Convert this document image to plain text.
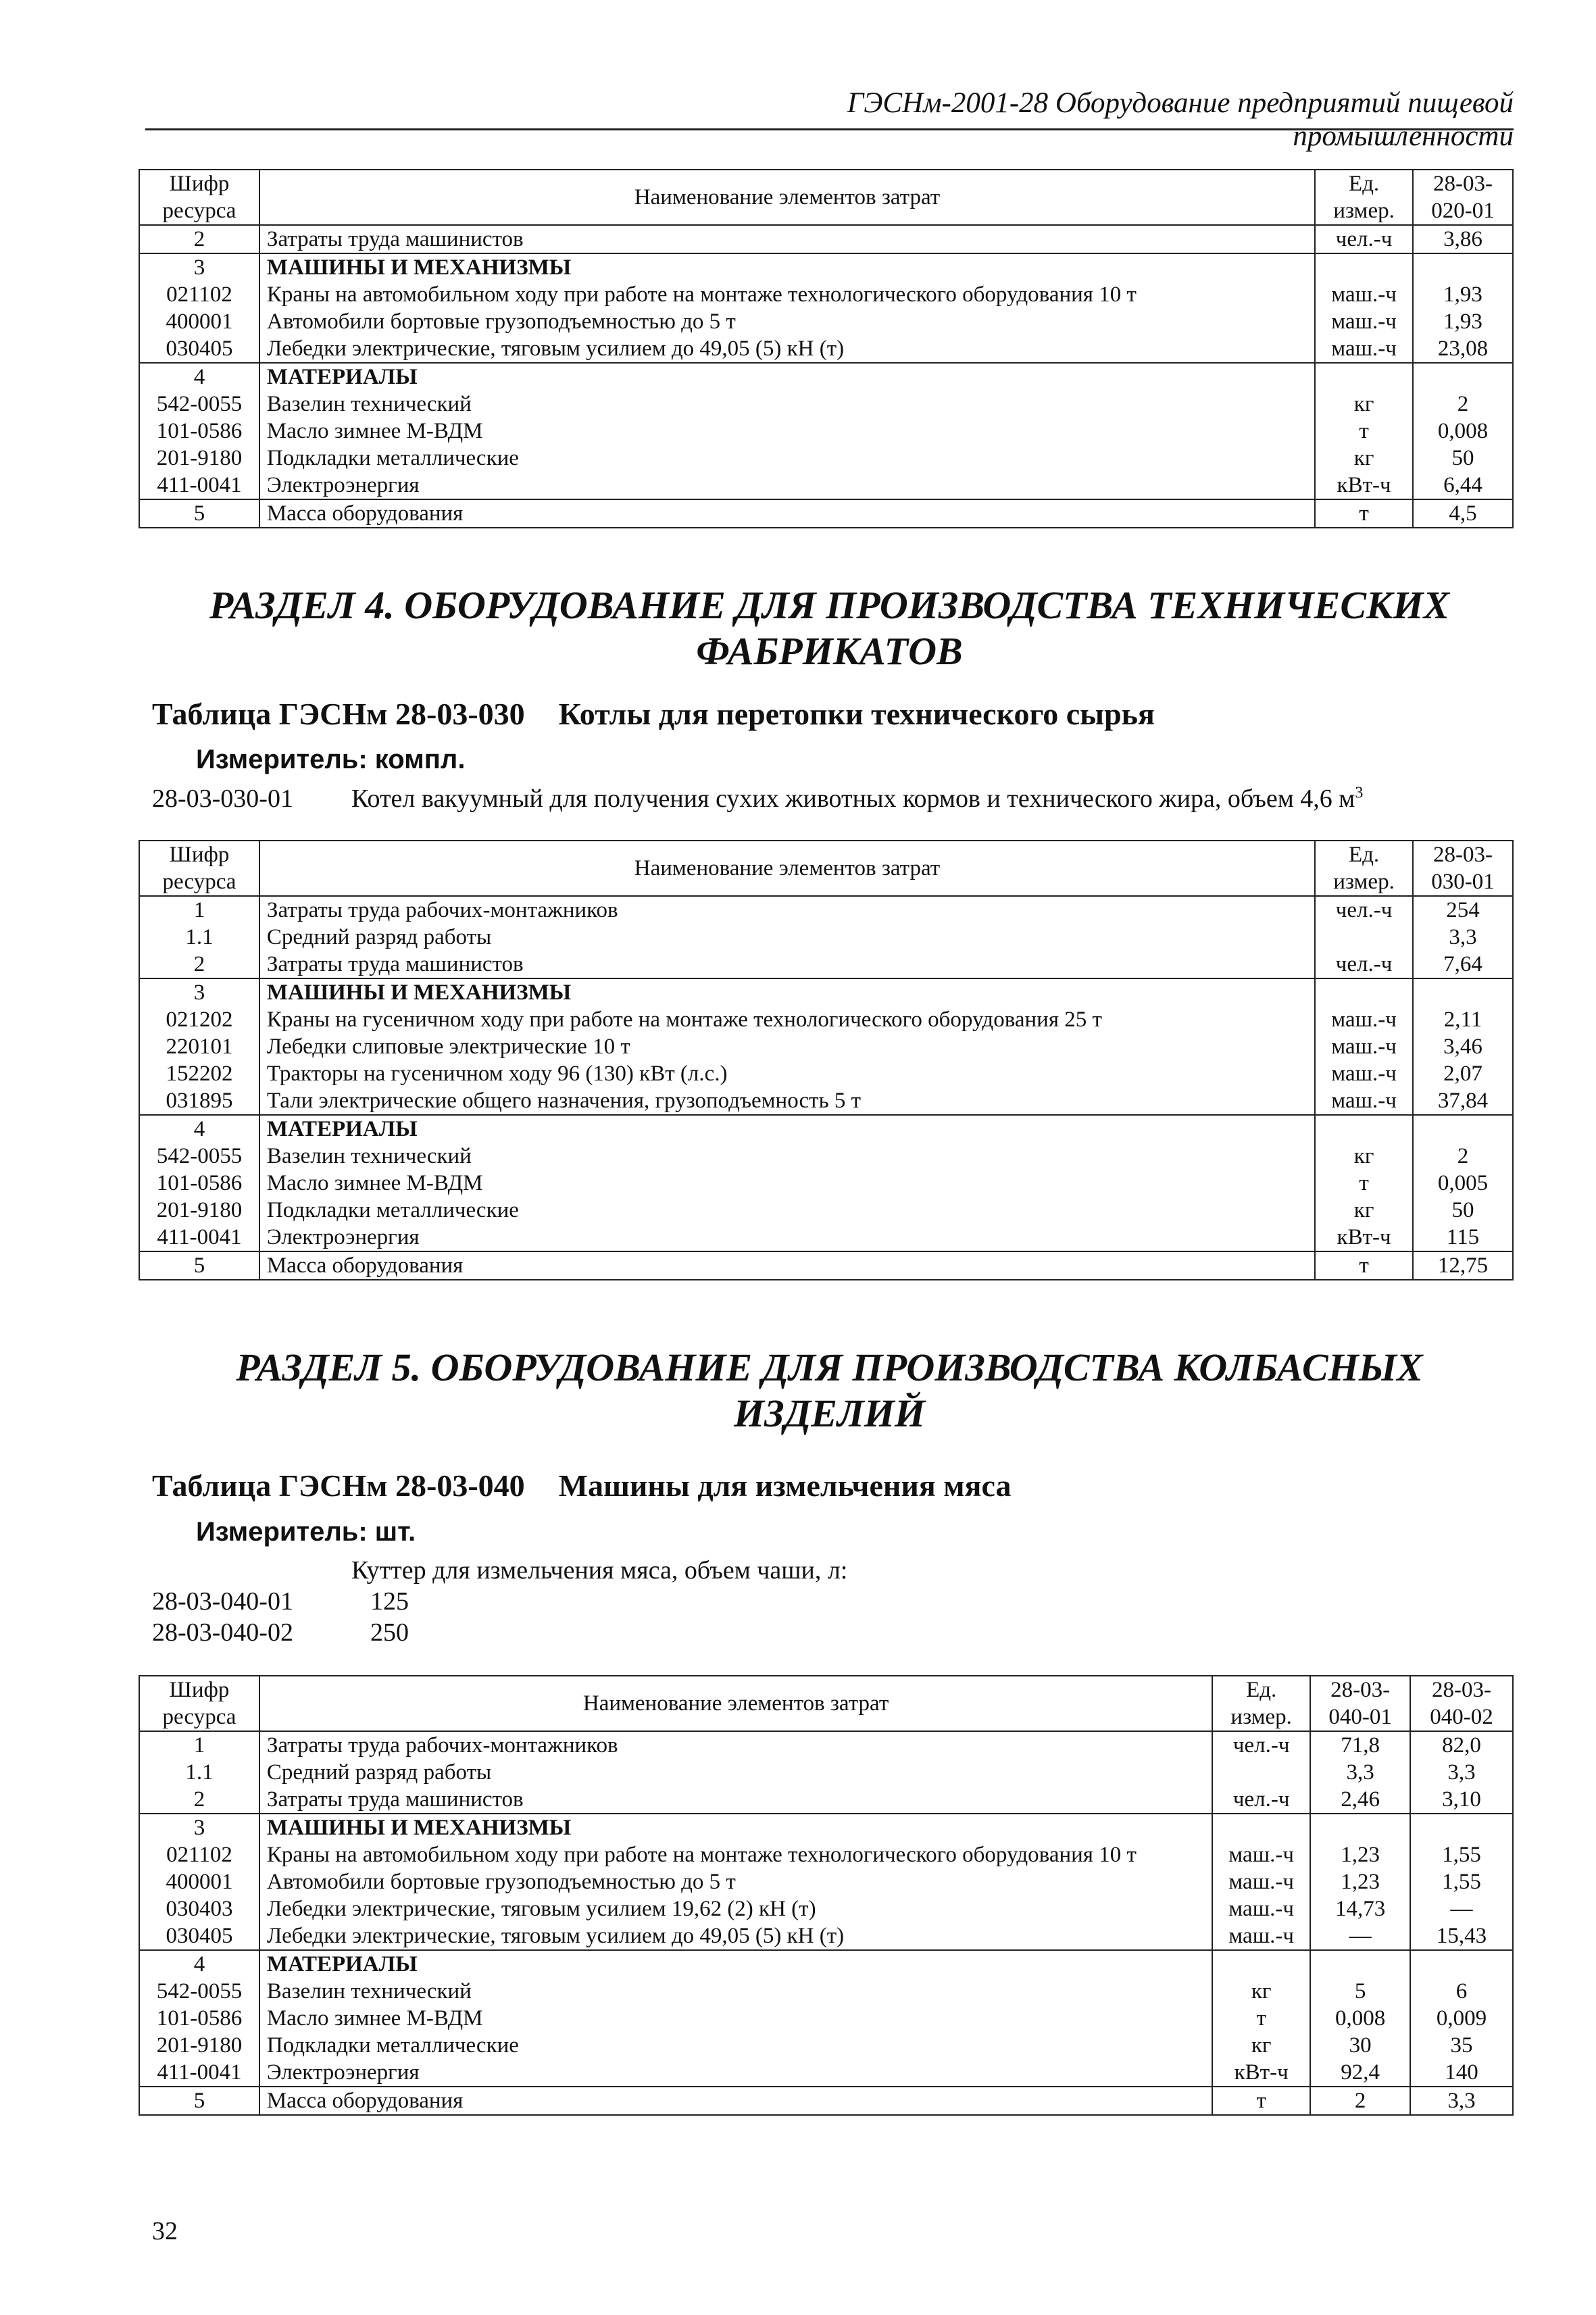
ГЭСНм-2001-28 Оборудование предприятий пищевой промышленности
Шифр ресурса	Наименование элементов затрат	Ед. измер.	28-03-020-01
2	Затраты труда машинистов	чел.-ч	3,86
3	МАШИНЫ И МЕХАНИЗМЫ		
021102	Краны на автомобильном ходу при работе на монтаже технологического оборудования 10 т	маш.-ч	1,93
400001	Автомобили бортовые грузоподъемностью до 5 т	маш.-ч	1,93
030405	Лебедки электрические, тяговым усилием до 49,05 (5) кН (т)	маш.-ч	23,08
4	МАТЕРИАЛЫ		
542-0055	Вазелин технический	кг	2
101-0586	Масло зимнее М-ВДМ	т	0,008
201-9180	Подкладки металлические	кг	50
411-0041	Электроэнергия	кВт-ч	6,44
5	Масса оборудования	т	4,5
РАЗДЕЛ 4. ОБОРУДОВАНИЕ ДЛЯ ПРОИЗВОДСТВА ТЕХНИЧЕСКИХ
ФАБРИКАТОВ
Таблица ГЭСНм 28-03-030 Котлы для перетопки технического сырья
Измеритель: компл.
28-03-030-01 Котел вакуумный для получения сухих животных кормов и технического жира, объем 4,6 $м^3$
Шифр ресурса	Наименование элементов затрат	Ед. измер.	28-03-030-01
1	Затраты труда рабочих-монтажников	чел.-ч	254
1.1	Средний разряд работы		3,3
2	Затраты труда машинистов	чел.-ч	7,64
3	МАШИНЫ И МЕХАНИЗМЫ		
021202	Краны на гусеничном ходу при работе на монтаже технологического оборудования 25 т	маш.-ч	2,11
220101	Лебедки слиповые электрические 10 т	маш.-ч	3,46
152202	Тракторы на гусеничном ходу 96 (130) кВт (л.с.)	маш.-ч	2,07
031895	Тали электрические общего назначения, грузоподъемность 5 т	маш.-ч	37,84
4	МАТЕРИАЛЫ		
542-0055	Вазелин технический	кг	2
101-0586	Масло зимнее М-ВДМ	т	0,005
201-9180	Подкладки металлические	кг	50
411-0041	Электроэнергия	кВт-ч	115
5	Масса оборудования	т	12,75
РАЗДЕЛ 5. ОБОРУДОВАНИЕ ДЛЯ ПРОИЗВОДСТВА КОЛБАСНЫХ
ИЗДЕЛИЙ
Таблица ГЭСНм 28-03-040 Машины для измельчения мяса
Измеритель: шт.
Куттер для измельчения мяса, объем чаши, л:
28-03-040-01	125
28-03-040-02	250
Шифр ресурса	Наименование элементов затрат	Ед. измер.	28-03-040-01	28-03-040-02
1	Затраты труда рабочих-монтажников	чел.-ч	71,8	82,0
1.1	Средний разряд работы		3,3	3,3
2	Затраты труда машинистов	чел.-ч	2,46	3,10
3	МАШИНЫ И МЕХАНИЗМЫ			
021102	Краны на автомобильном ходу при работе на монтаже технологического оборудования 10 т	маш.-ч	1,23	1,55
400001	Автомобили бортовые грузоподъемностью до 5 т	маш.-ч	1,23	1,55
030403	Лебедки электрические, тяговым усилием 19,62 (2) кН (т)	маш.-ч	14,73	—
030405	Лебедки электрические, тяговым усилием до 49,05 (5) кН (т)	маш.-ч	—	15,43
4	МАТЕРИАЛЫ			
542-0055	Вазелин технический	кг	5	6
101-0586	Масло зимнее М-ВДМ	т	0,008	0,009
201-9180	Подкладки металлические	кг	30	35
411-0041	Электроэнергия	кВт-ч	92,4	140
5	Масса оборудования	т	2	3,3
32
